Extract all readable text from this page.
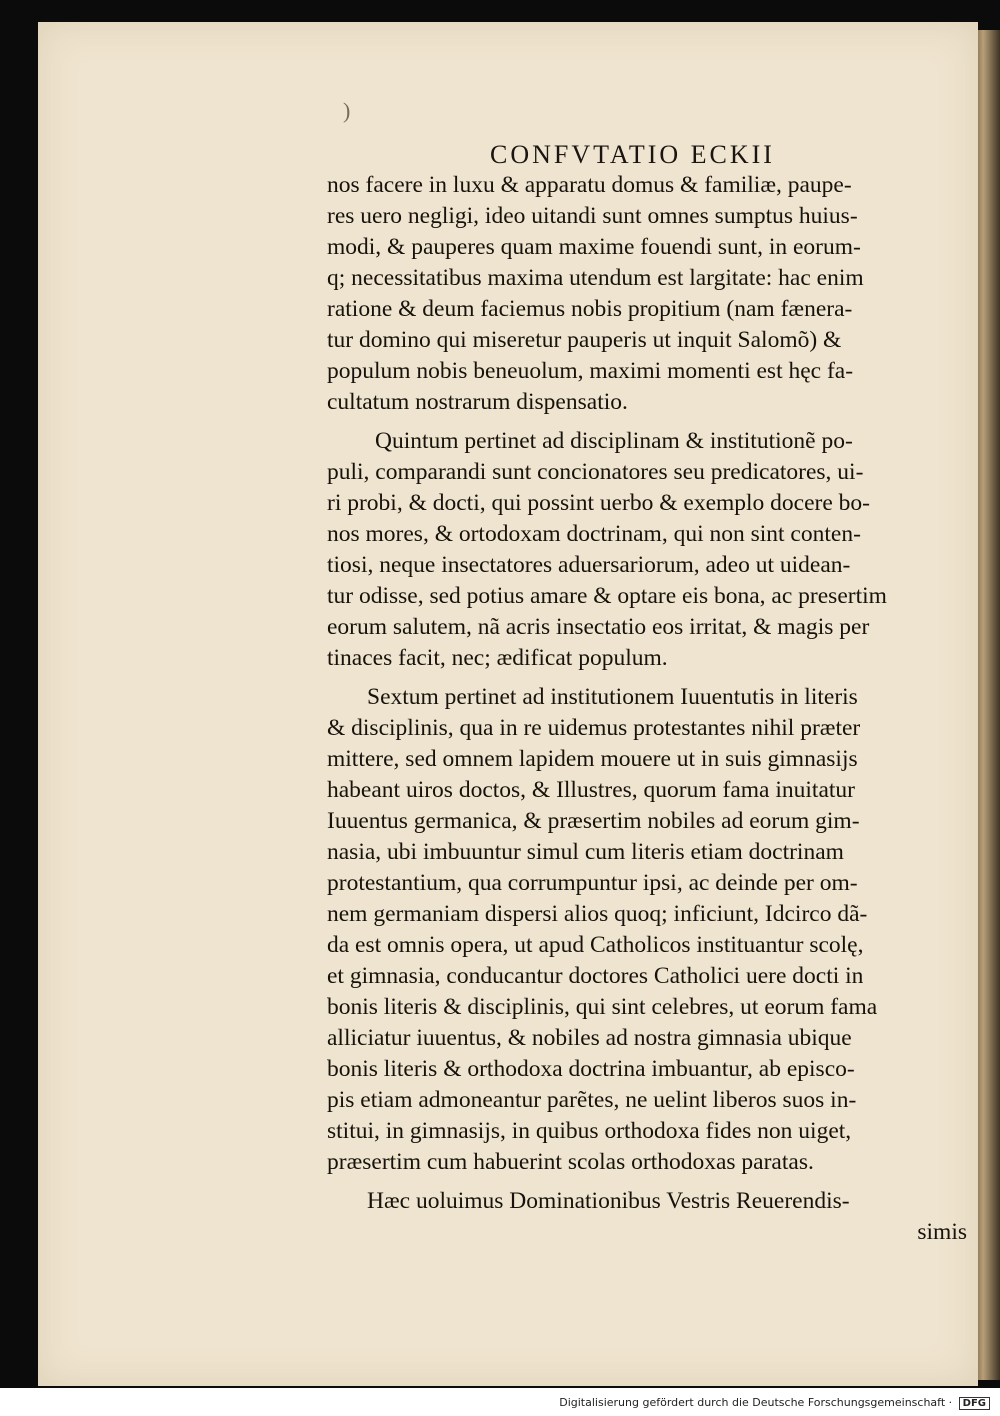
)
CONFVTATIO ECKII
nos facere in luxu & apparatu domus & familiæ, paupe-
res uero negligi, ideo uitandi sunt omnes sumptus huius-
modi, & pauperes quam maxime fouendi sunt, in eorum-
q; necessitatibus maxima utendum est largitate: hac enim
ratione & deum faciemus nobis propitium (nam fænera-
tur domino qui miseretur pauperis ut inquit Salomõ) &
populum nobis beneuolum, maximi momenti est hęc fa-
cultatum nostrarum dispensatio.
Quintum pertinet ad disciplinam & institutionẽ po-
puli, comparandi sunt concionatores seu predicatores, ui-
ri probi, & docti, qui possint uerbo & exemplo docere bo-
nos mores, & ortodoxam doctrinam, qui non sint conten-
tiosi, neque insectatores aduersariorum, adeo ut uidean-
tur odisse, sed potius amare & optare eis bona, ac presertim
eorum salutem, nã acris insectatio eos irritat, & magis per
tinaces facit, nec; ædificat populum.
Sextum pertinet ad institutionem Iuuentutis in literis
& disciplinis, qua in re uidemus protestantes nihil præter
mittere, sed omnem lapidem mouere ut in suis gimnasijs
habeant uiros doctos, & Illustres, quorum fama inuitatur
Iuuentus germanica, & præsertim nobiles ad eorum gim-
nasia, ubi imbuuntur simul cum literis etiam doctrinam
protestantium, qua corrumpuntur ipsi, ac deinde per om-
nem germaniam dispersi alios quoq; inficiunt, Idcirco dã-
da est omnis opera, ut apud Catholicos instituantur scolę,
et gimnasia, conducantur doctores Catholici uere docti in
bonis literis & disciplinis, qui sint celebres, ut eorum fama
alliciatur iuuentus, & nobiles ad nostra gimnasia ubique
bonis literis & orthodoxa doctrina imbuantur, ab episco-
pis etiam admoneantur parẽtes, ne uelint liberos suos in-
stitui, in gimnasijs, in quibus orthodoxa fides non uiget,
præsertim cum habuerint scolas orthodoxas paratas.
Hæc uoluimus Dominationibus Vestris Reuerendis-
simis
Digitalisierung gefördert durch die Deutsche Forschungsgemeinschaft · DFG
